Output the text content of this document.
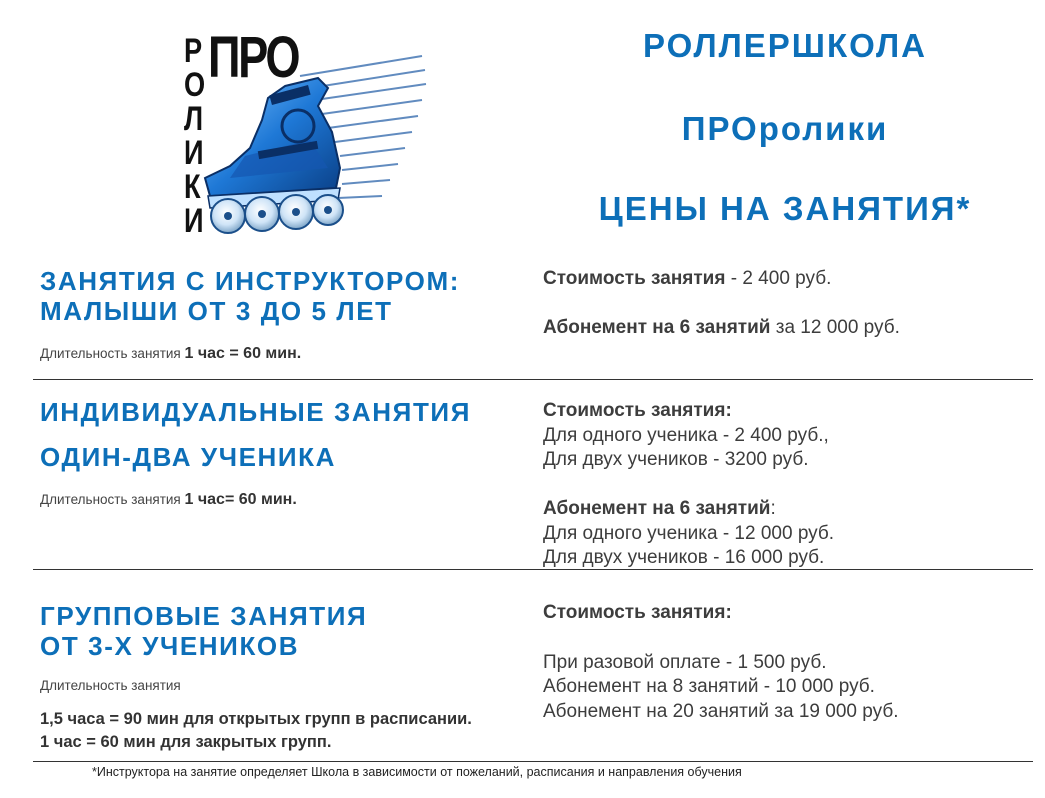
РОЛИКИ
ПРО	РОЛЛЕРШКОЛА
ПРОролики
ЦЕНЫ НА ЗАНЯТИЯ*
ЗАНЯТИЯ С ИНСТРУКТОРОМ:
МАЛЫШИ ОТ 3 ДО 5 ЛЕТ
Длительность занятия 1 час = 60 мин.
Стоимость занятия - 2 400 руб.
Абонемент на 6 занятий за 12 000 руб.
ИНДИВИДУАЛЬНЫЕ ЗАНЯТИЯ
ОДИН-ДВА УЧЕНИКА
Длительность занятия 1 час= 60 мин.
Стоимость занятия:
Для одного ученика - 2 400 руб.,
Для двух учеников - 3200 руб.
Абонемент на 6 занятий:
Для одного ученика - 12 000 руб.
Для двух учеников - 16 000 руб.
ГРУППОВЫЕ ЗАНЯТИЯ
ОТ 3-Х УЧЕНИКОВ
Длительность занятия
1,5 часа = 90 мин для открытых групп в расписании.
1 час = 60 мин для закрытых групп.
Стоимость занятия:
При разовой оплате - 1 500 руб.
Абонемент на 8 занятий - 10 000 руб.
Абонемент на 20 занятий за 19 000 руб.
*Инструктора на занятие определяет Школа в зависимости от пожеланий, расписания и направления обучения
